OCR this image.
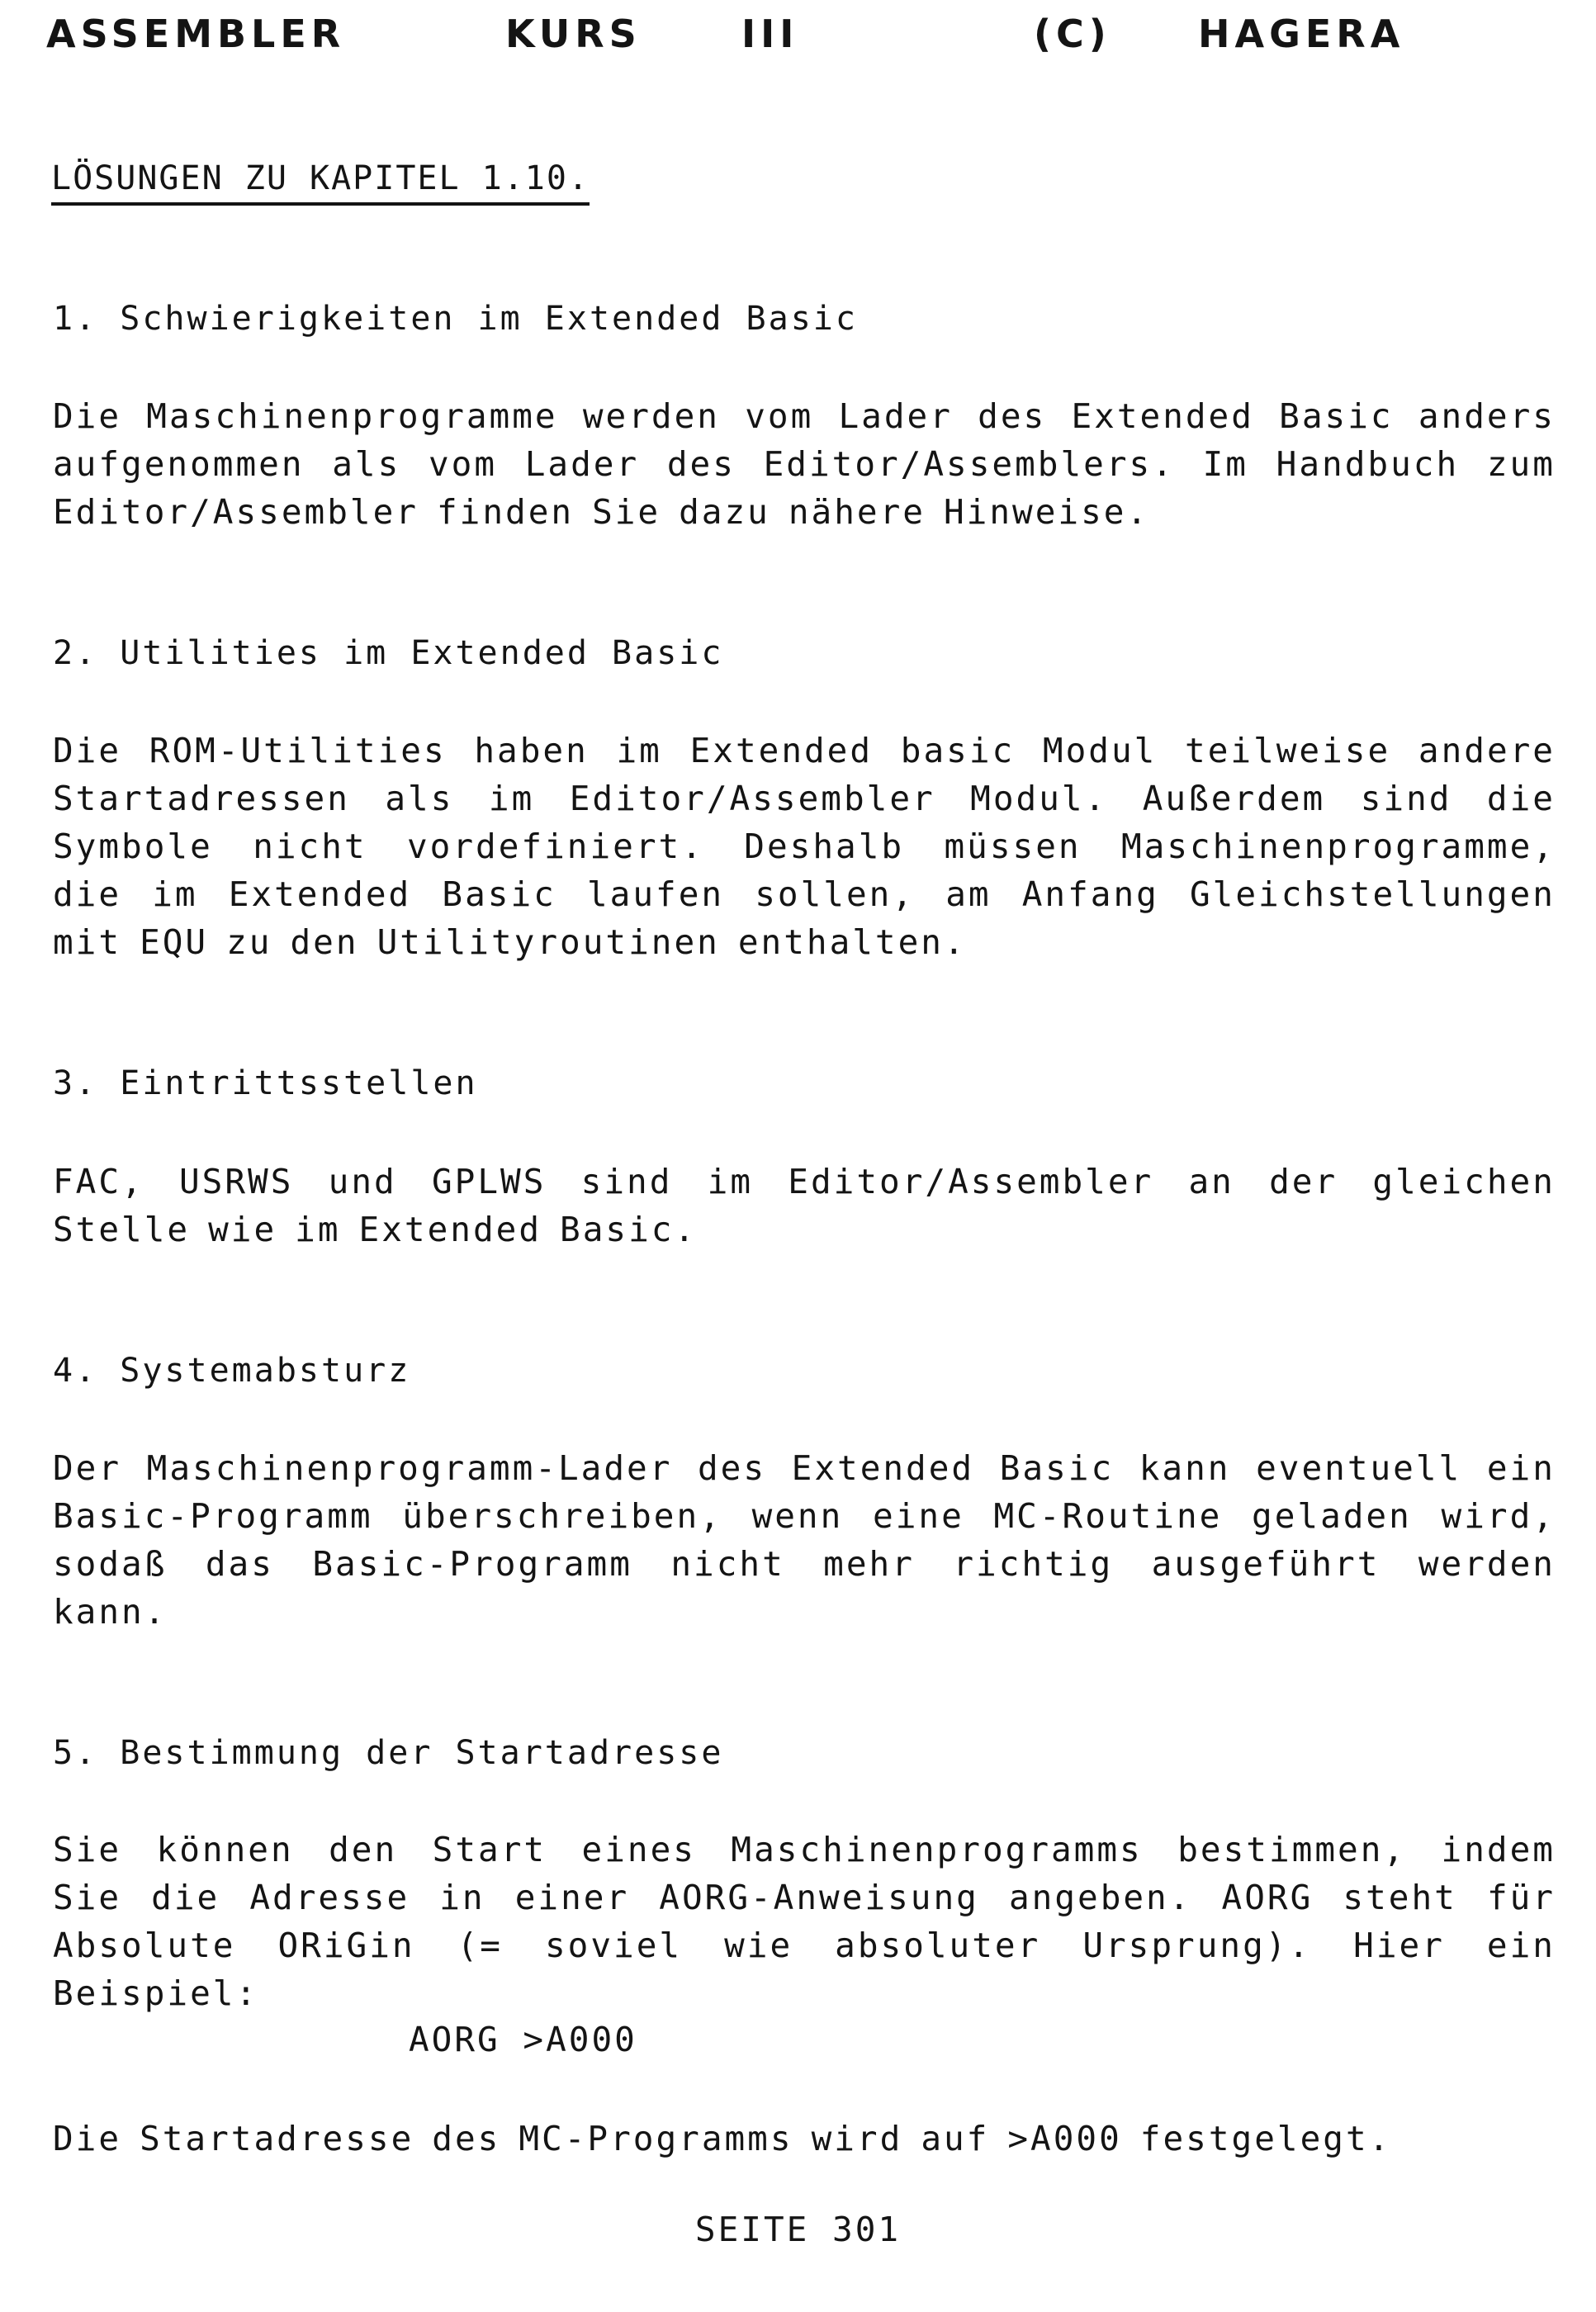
ASSEMBLER	KURS	III	(C) HAGERA
LÖSUNGEN ZU KAPITEL 1.10.
1. Schwierigkeiten im Extended Basic
Die Maschinenprogramme werden vom Lader des Extended Basic anders
aufgenommen als vom Lader des Editor/Assemblers. Im Handbuch zum
Editor/Assembler finden Sie dazu nähere Hinweise.
2. Utilities im Extended Basic
Die ROM-Utilities haben im Extended basic Modul teilweise andere
Startadressen als im Editor/Assembler Modul. Außerdem sind die
Symbole nicht vordefiniert. Deshalb müssen Maschinenprogramme,
die im Extended Basic laufen sollen, am Anfang Gleichstellungen
mit EQU zu den Utilityroutinen enthalten.
3. Eintrittsstellen
FAC, USRWS und GPLWS sind im Editor/Assembler an der gleichen
Stelle wie im Extended Basic.
4. Systemabsturz
Der Maschinenprogramm-Lader des Extended Basic kann eventuell ein
Basic-Programm überschreiben, wenn eine MC-Routine geladen wird,
sodaß das Basic-Programm nicht mehr richtig ausgeführt werden
kann.
5. Bestimmung der Startadresse
Sie können den Start eines Maschinenprogramms bestimmen, indem
Sie die Adresse in einer AORG-Anweisung angeben. AORG steht für
Absolute ORiGin (= soviel wie absoluter Ursprung). Hier ein
Beispiel:
AORG >A000
Die Startadresse des MC-Programms wird auf >A000 festgelegt.
SEITE 301
